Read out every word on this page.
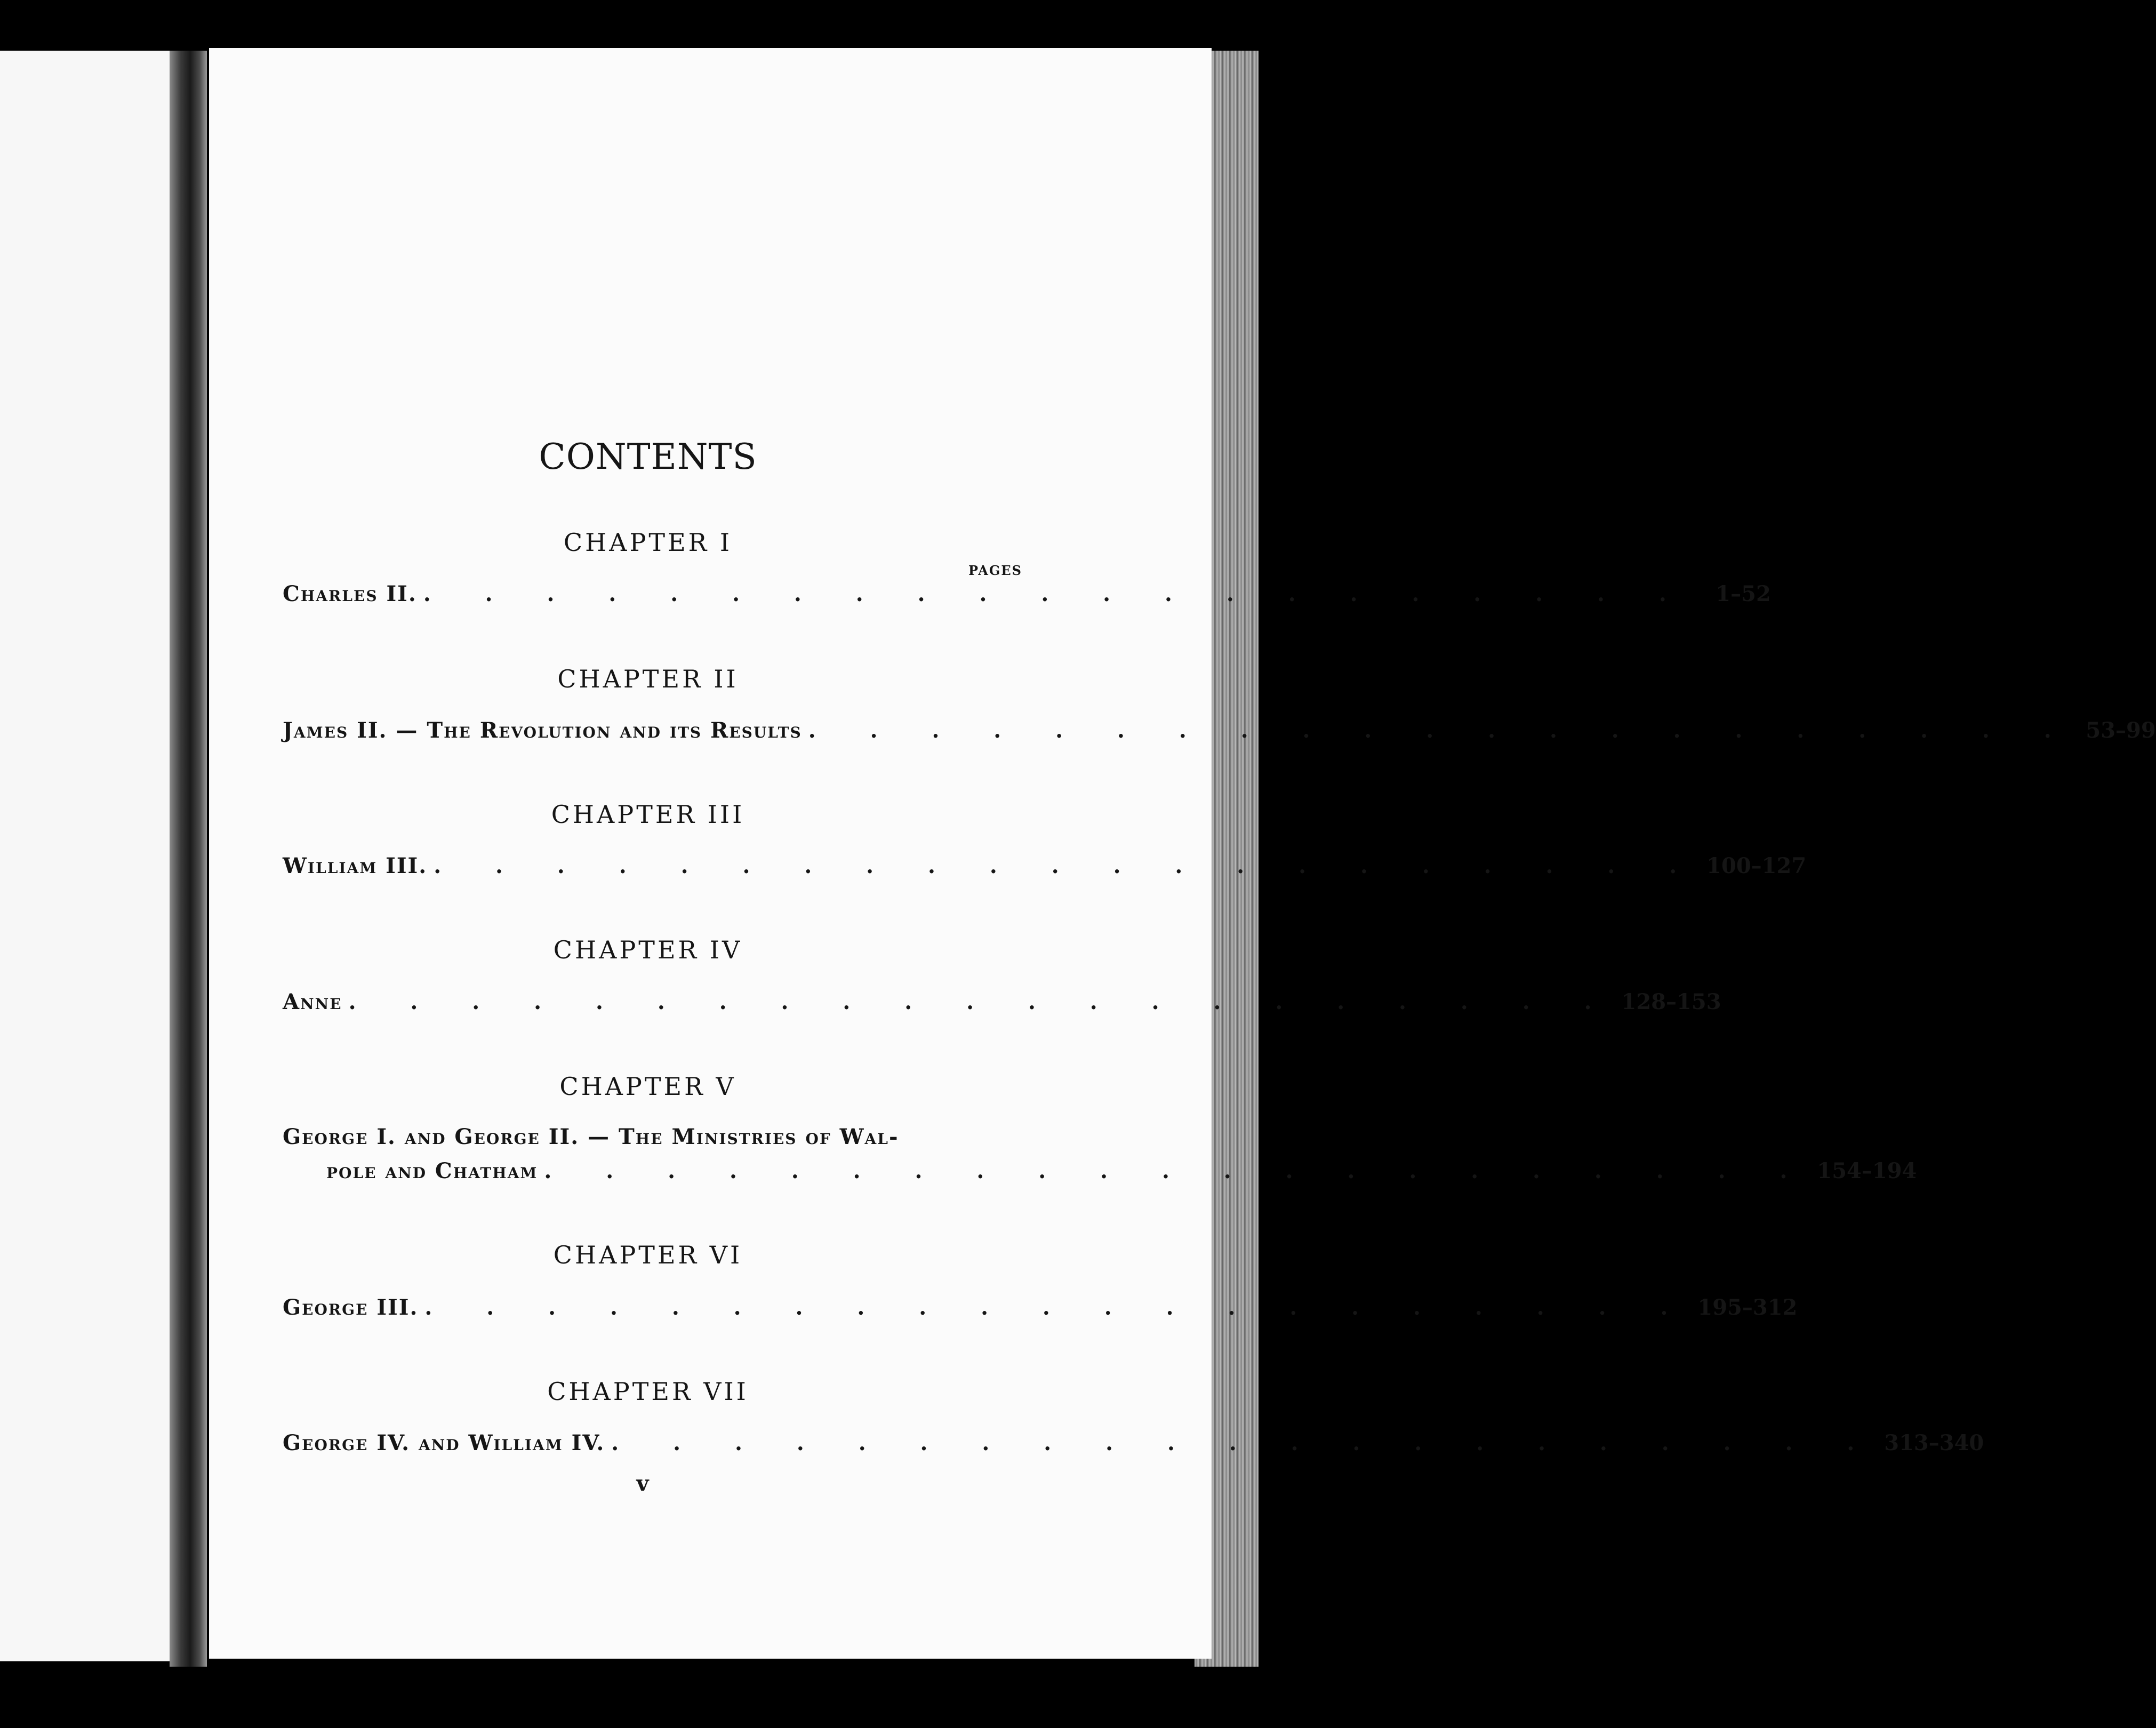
CONTENTS
PAGES
CHAPTER I
Charles II. . . . . . . . . . . . . . . . . . . . . .	1–52
CHAPTER II
James II. — The Revolution and its Results . . . . . . . . . . . . . . . . . . . . . 53–99
CHAPTER III
William III. . . . . . . . . . . . . . . . . . . . . . 100–127
CHAPTER IV
Anne . . . . . . . . . . . . . . . . . . . . . 128–153
CHAPTER V
George I. and George II. — The Ministries of Wal-
pole and Chatham . . . . . . . . . . . . . . . . . . . . . 154–194
CHAPTER VI
George III. . . . . . . . . . . . . . . . . . . . . . 195–312
CHAPTER VII
George IV. and William IV. . . . . . . . . . . . . . . . . . . . . . 313–340
v
